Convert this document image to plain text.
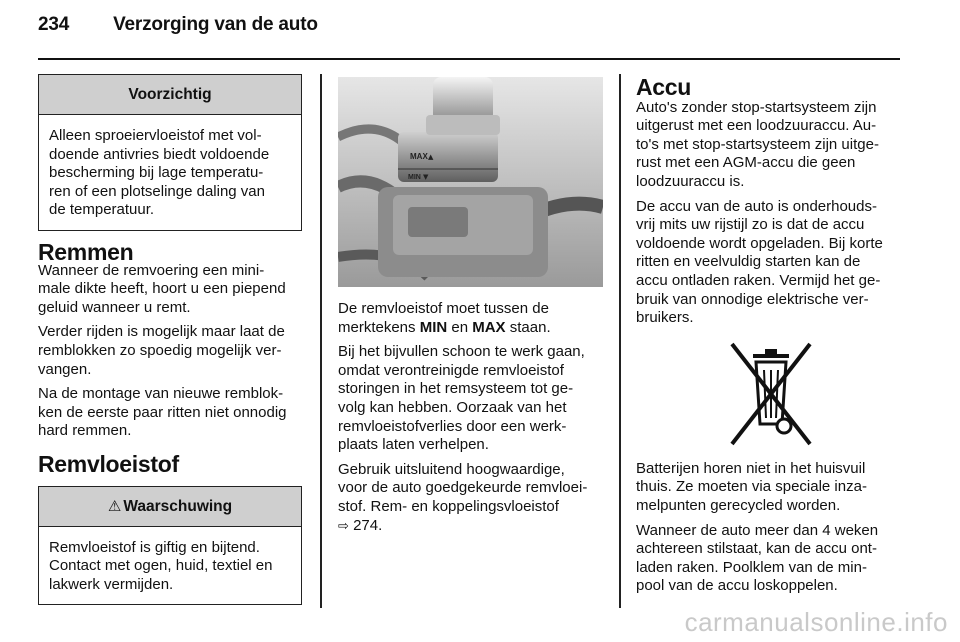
234 Verzorging van de auto
Voorzichtig
Alleen sproeiervloeistof met vol-
doende antivries biedt voldoende
bescherming bij lage temperatu-
ren of een plotselinge daling van
de temperatuur.
Remmen

Wanneer de remvoering een mini-
male dikte heeft, hoort u een piepend
geluid wanneer u remt.

Verder rijden is mogelijk maar laat de
remblokken zo spoedig mogelijk ver-
vangen.

Na de montage van nieuwe remblok-
ken de eerste paar ritten niet onnodig
hard remmen.

Remvloeistof
⚠ Waarschuwing
Remvloeistof is giftig en bijtend.
Contact met ogen, huid, textiel en
lakwerk vermijden.
MAX ▲
MIN ▼

De remvloeistof moet tussen de
merktekens MIN en MAX staan.

Bij het bijvullen schoon te werk gaan,
omdat verontreinigde remvloeistof
storingen in het remsysteem tot ge-
volg kan hebben. Oorzaak van het
remvloeistofverlies door een werk-
plaats laten verhelpen.

Gebruik uitsluitend hoogwaardige,
voor de auto goedgekeurde remvloei-
stof. Rem- en koppelingsvloeistof
⇨ 274.

Accu

Auto's zonder stop-startsysteem zijn
uitgerust met een loodzuuraccu. Au-
to's met stop-startsysteem zijn uitge-
rust met een AGM-accu die geen
loodzuuraccu is.

De accu van de auto is onderhouds-
vrij mits uw rijstijl zo is dat de accu
voldoende wordt opgeladen. Bij korte
ritten en veelvuldig starten kan de
accu ontladen raken. Vermijd het ge-
bruik van onnodige elektrische ver-
bruikers.

Batterijen horen niet in het huisvuil
thuis. Ze moeten via speciale inza-
melpunten gerecycled worden.

Wanneer de auto meer dan 4 weken
achtereen stilstaat, kan de accu ont-
laden raken. Poolklem van de min-
pool van de accu loskoppelen.

carmanualsonline.info
